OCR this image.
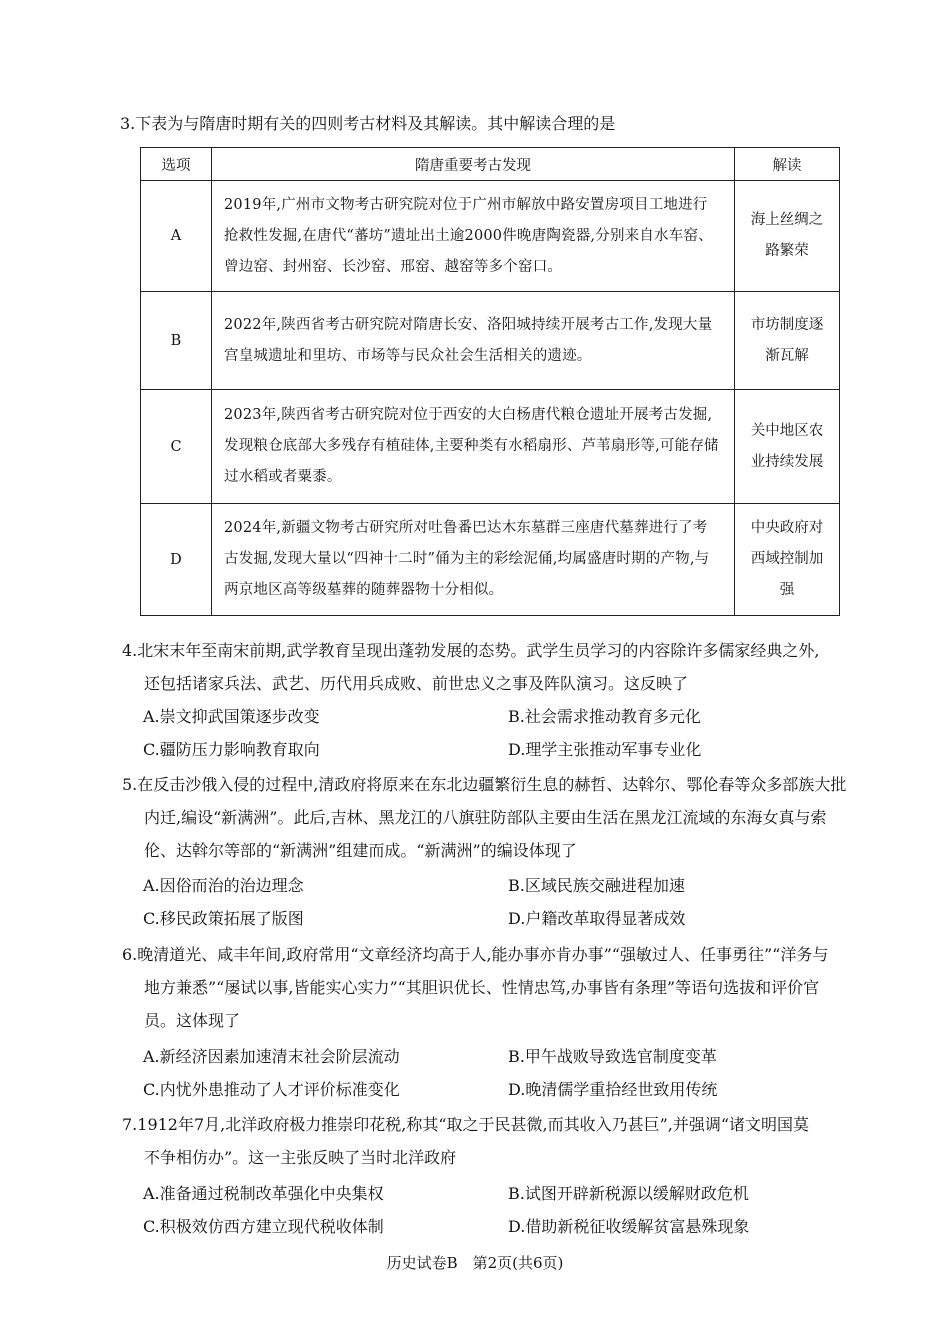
3.下表为与隋唐时期有关的四则考古材料及其解读。其中解读合理的是
选项	隋唐重要考古发现	解读
A	2019年,广州市文物考古研究院对位于广州市解放中路安置房项目工地进行抢救性发掘,在唐代“蕃坊”遗址出土逾2000件晚唐陶瓷器,分别来自水车窑、曾边窑、封州窑、长沙窑、邢窑、越窑等多个窑口。	海上丝绸之路繁荣
B	2022年,陕西省考古研究院对隋唐长安、洛阳城持续开展考古工作,发现大量宫皇城遗址和里坊、市场等与民众社会生活相关的遗迹。	市坊制度逐渐瓦解
C	2023年,陕西省考古研究院对位于西安的大白杨唐代粮仓遗址开展考古发掘,发现粮仓底部大多残存有植硅体,主要种类有水稻扇形、芦苇扇形等,可能存储过水稻或者粟黍。	关中地区农业持续发展
D	2024年,新疆文物考古研究所对吐鲁番巴达木东墓群三座唐代墓葬进行了考古发掘,发现大量以“四神十二时”俑为主的彩绘泥俑,均属盛唐时期的产物,与两京地区高等级墓葬的随葬器物十分相似。	中央政府对西域控制加强
4.北宋末年至南宋前期,武学教育呈现出蓬勃发展的态势。武学生员学习的内容除许多儒家经典之外,
还包括诸家兵法、武艺、历代用兵成败、前世忠义之事及阵队演习。这反映了
A.崇文抑武国策逐步改变	B.社会需求推动教育多元化
C.疆防压力影响教育取向	D.理学主张推动军事专业化
5.在反击沙俄入侵的过程中,清政府将原来在东北边疆繁衍生息的赫哲、达斡尔、鄂伦春等众多部族大批
内迁,编设“新满洲”。此后,吉林、黑龙江的八旗驻防部队主要由生活在黑龙江流域的东海女真与索
伦、达斡尔等部的“新满洲”组建而成。“新满洲”的编设体现了
A.因俗而治的治边理念	B.区域民族交融进程加速
C.移民政策拓展了版图	D.户籍改革取得显著成效
6.晚清道光、咸丰年间,政府常用“文章经济均高于人,能办事亦肯办事”“强敏过人、任事勇往”“洋务与
地方兼悉”“屡试以事,皆能实心实力”“其胆识优长、性情忠笃,办事皆有条理”等语句选拔和评价官
员。这体现了
A.新经济因素加速清末社会阶层流动	B.甲午战败导致选官制度变革
C.内忧外患推动了人才评价标准变化	D.晚清儒学重拾经世致用传统
7.1912年7月,北洋政府极力推崇印花税,称其“取之于民甚微,而其收入乃甚巨”,并强调“诸文明国莫
不争相仿办”。这一主张反映了当时北洋政府
A.准备通过税制改革强化中央集权	B.试图开辟新税源以缓解财政危机
C.积极效仿西方建立现代税收体制	D.借助新税征收缓解贫富悬殊现象
历史试卷B　第2页(共6页)
